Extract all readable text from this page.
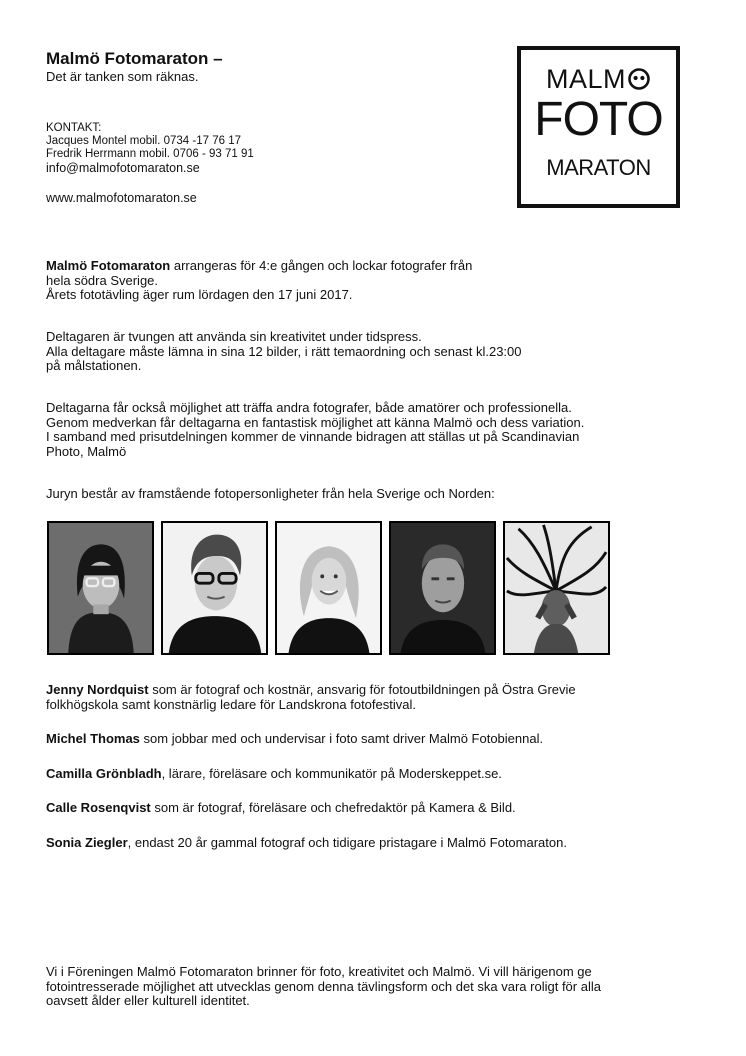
Malmö Fotomaraton –
Det är tanken som räknas.
KONTAKT:
Jacques Montel mobil. 0734 -17 76 17
Fredrik Herrmann mobil. 0706 - 93 71 91
info@malmofotomaraton.se
www.malmofotomaraton.se
MALM
FOTO
MARATON
Malmö Fotomaraton arrangeras för 4:e gången och lockar fotografer från
hela södra Sverige.
Årets fototävling äger rum lördagen den 17 juni 2017.
Deltagaren är tvungen att använda sin kreativitet under tidspress.
Alla deltagare måste lämna in sina 12 bilder, i rätt temaordning och senast kl.23:00
på målstationen.
Deltagarna får också möjlighet att träffa andra fotografer, både amatörer och professionella.
Genom medverkan får deltagarna en fantastisk möjlighet att känna Malmö och dess variation.
I samband med prisutdelningen kommer de vinnande bidragen att ställas ut på Scandinavian
Photo, Malmö
Juryn består av framstående fotopersonligheter från hela Sverige och Norden:
Jenny Nordquist som är fotograf och kostnär, ansvarig för fotoutbildningen på Östra Grevie
folkhögskola samt konstnärlig ledare för Landskrona fotofestival.
Michel Thomas som jobbar med och undervisar i foto samt driver Malmö Fotobiennal.
Camilla Grönbladh, lärare, föreläsare och kommunikatör på Moderskeppet.se.
Calle Rosenqvist som är fotograf, föreläsare och chefredaktör på Kamera & Bild.
Sonia Ziegler, endast 20 år gammal fotograf och tidigare pristagare i Malmö Fotomaraton.
Vi i Föreningen Malmö Fotomaraton brinner för foto, kreativitet och Malmö. Vi vill härigenom ge
fotointresserade möjlighet att utvecklas genom denna tävlingsform och det ska vara roligt för alla
oavsett ålder eller kulturell identitet.
